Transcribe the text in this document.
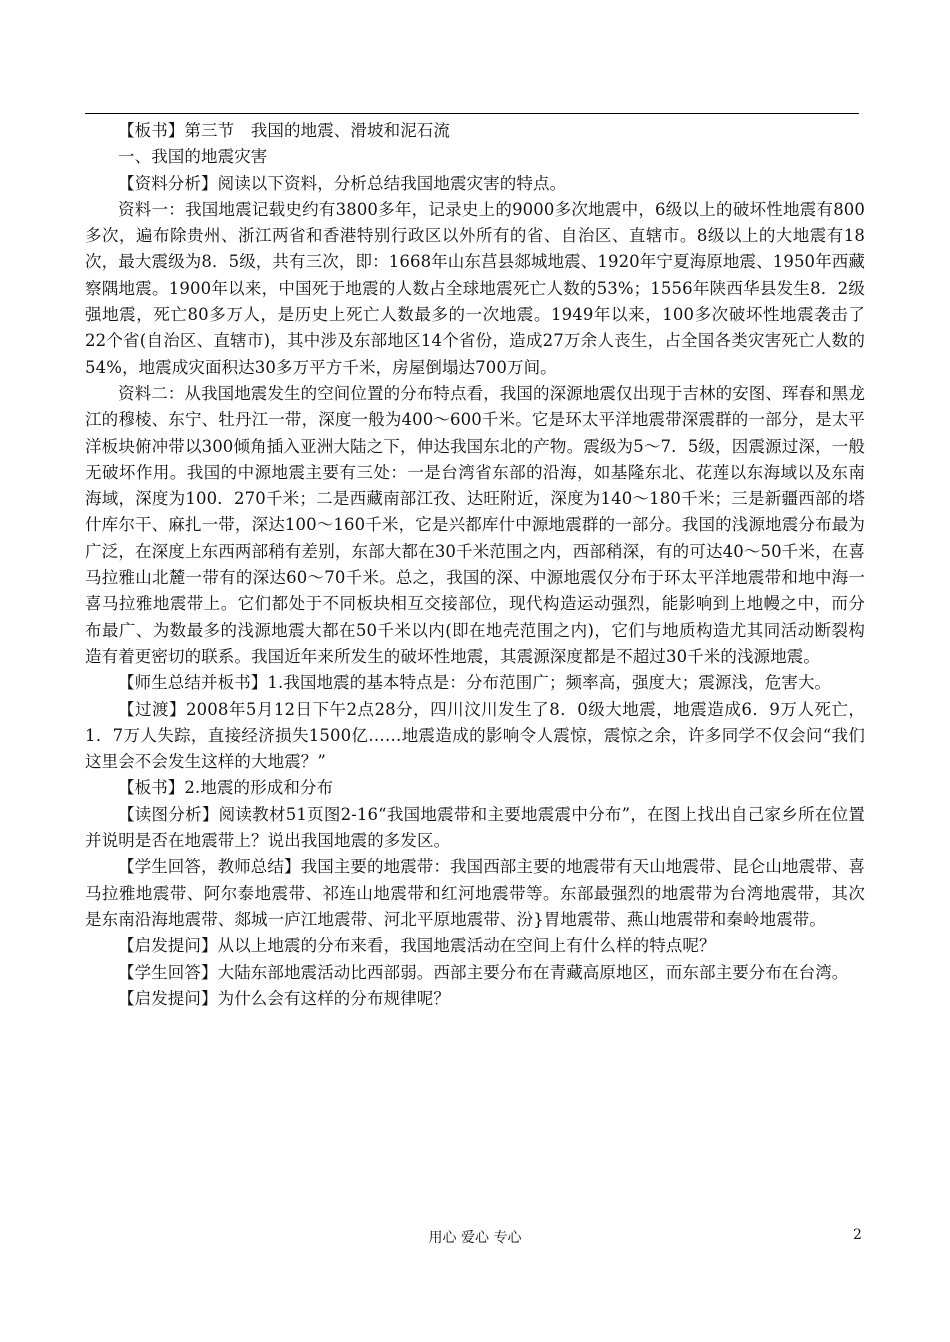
【板书】第三节　我国的地震、滑坡和泥石流

一、我国的地震灾害

【资料分析】阅读以下资料，分析总结我国地震灾害的特点。

资料一：我国地震记载史约有3800多年，记录史上的9000多次地震中，6级以上的破坏性地震有800多次，遍布除贵州、浙江两省和香港特别行政区以外所有的省、自治区、直辖市。8级以上的大地震有18次，最大震级为8．5级，共有三次，即：1668年山东莒县郯城地震、1920年宁夏海原地震、1950年西藏察隅地震。1900年以来，中国死于地震的人数占全球地震死亡人数的53%；1556年陕西华县发生8．2级强地震，死亡80多万人，是历史上死亡人数最多的一次地震。1949年以来，100多次破坏性地震袭击了22个省(自治区、直辖市)，其中涉及东部地区14个省份，造成27万余人丧生，占全国各类灾害死亡人数的54%，地震成灾面积达30多万平方千米，房屋倒塌达700万间。

资料二：从我国地震发生的空间位置的分布特点看，我国的深源地震仅出现于吉林的安图、珲春和黑龙江的穆棱、东宁、牡丹江一带，深度一般为400～600千米。它是环太平洋地震带深震群的一部分，是太平洋板块俯冲带以300倾角插入亚洲大陆之下，伸达我国东北的产物。震级为5～7．5级，因震源过深，一般无破坏作用。我国的中源地震主要有三处：一是台湾省东部的沿海，如基隆东北、花莲以东海域以及东南海域，深度为100．270千米；二是西藏南部江孜、达旺附近，深度为140～180千米；三是新疆西部的塔什库尔干、麻扎一带，深达100～160千米，它是兴都库什中源地震群的一部分。我国的浅源地震分布最为广泛，在深度上东西两部稍有差别，东部大都在30千米范围之内，西部稍深，有的可达40～50千米，在喜马拉雅山北麓一带有的深达60～70千米。总之，我国的深、中源地震仅分布于环太平洋地震带和地中海一喜马拉雅地震带上。它们都处于不同板块相互交接部位，现代构造运动强烈，能影响到上地幔之中，而分布最广、为数最多的浅源地震大都在50千米以内(即在地壳范围之内)，它们与地质构造尤其同活动断裂构造有着更密切的联系。我国近年来所发生的破坏性地震，其震源深度都是不超过30千米的浅源地震。

【师生总结并板书】1.我国地震的基本特点是：分布范围广；频率高，强度大；震源浅，危害大。

【过渡】2008年5月12日下午2点28分，四川汶川发生了8．0级大地震，地震造成6．9万人死亡，1．7万人失踪，直接经济损失1500亿……地震造成的影响令人震惊，震惊之余，许多同学不仅会问“我们这里会不会发生这样的大地震？”

【板书】2.地震的形成和分布

【读图分析】阅读教材51页图2-16“我国地震带和主要地震震中分布”，在图上找出自己家乡所在位置并说明是否在地震带上？说出我国地震的多发区。

【学生回答，教师总结】我国主要的地震带：我国西部主要的地震带有天山地震带、昆仑山地震带、喜马拉雅地震带、阿尔泰地震带、祁连山地震带和红河地震带等。东部最强烈的地震带为台湾地震带，其次是东南沿海地震带、郯城一庐江地震带、河北平原地震带、汾}胃地震带、燕山地震带和秦岭地震带。

【启发提问】从以上地震的分布来看，我国地震活动在空间上有什么样的特点呢？

【学生回答】大陆东部地震活动比西部弱。西部主要分布在青藏高原地区，而东部主要分布在台湾。

【启发提问】为什么会有这样的分布规律呢？

用心 爱心 专心	2
